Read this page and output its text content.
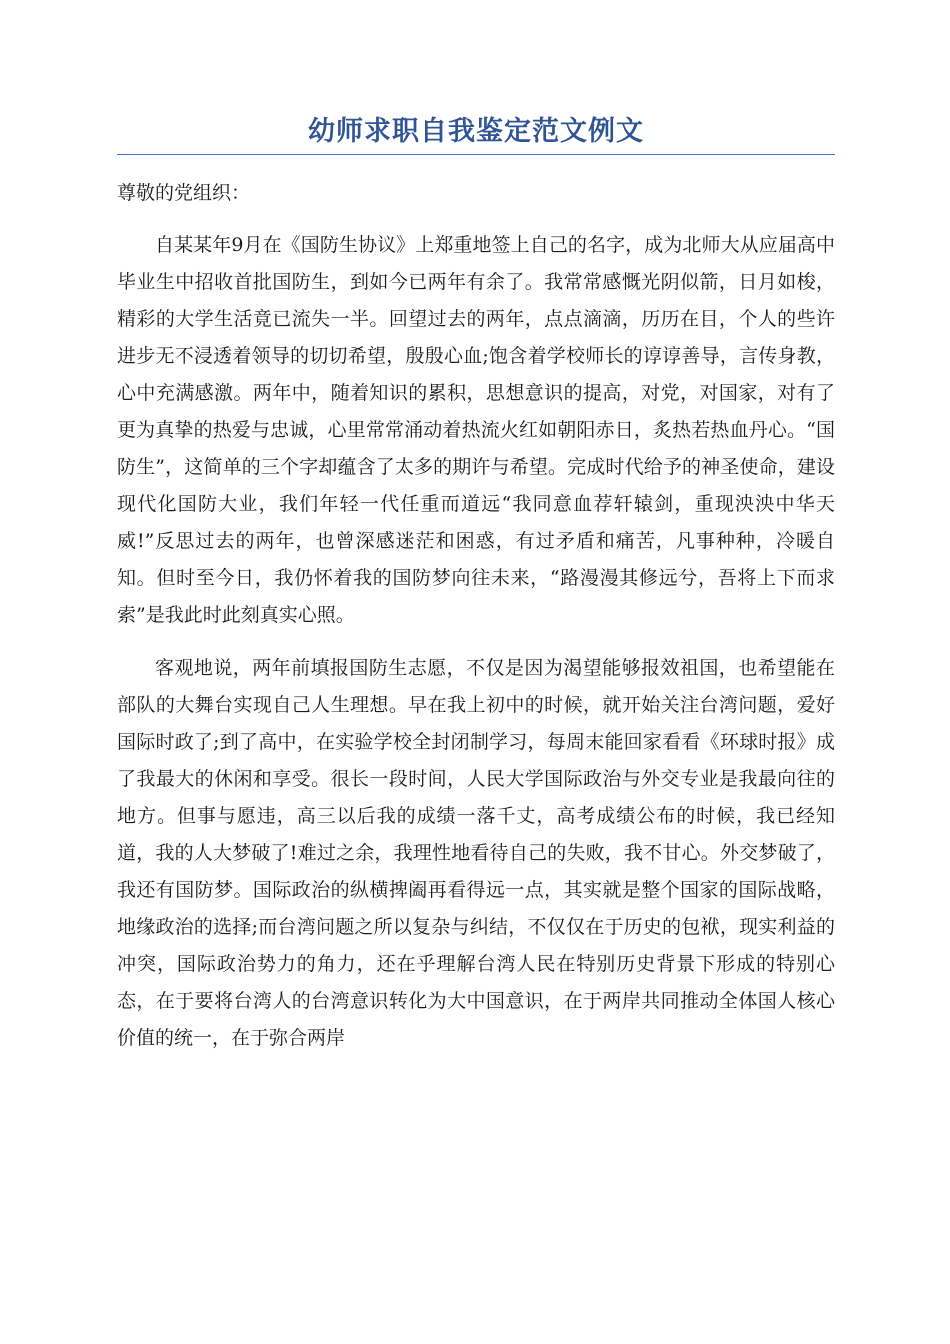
幼师求职自我鉴定范文例文

尊敬的党组织：

自某某年9月在《国防生协议》上郑重地签上自己的名字，成为北师大从应届高中毕业生中招收首批国防生，到如今已两年有余了。我常常感慨光阴似箭，日月如梭，精彩的大学生活竟已流失一半。回望过去的两年，点点滴滴，历历在目，个人的些许进步无不浸透着领导的切切希望，殷殷心血;饱含着学校师长的谆谆善导，言传身教，心中充满感激。两年中，随着知识的累积，思想意识的提高，对党，对国家，对有了更为真挚的热爱与忠诚，心里常常涌动着热流火红如朝阳赤日，炙热若热血丹心。“国防生”，这简单的三个字却蕴含了太多的期许与希望。完成时代给予的神圣使命，建设现代化国防大业，我们年轻一代任重而道远“我同意血荐轩辕剑，重现泱泱中华天威!”反思过去的两年，也曾深感迷茫和困惑，有过矛盾和痛苦，凡事种种，冷暖自知。但时至今日，我仍怀着我的国防梦向往未来，“路漫漫其修远兮，吾将上下而求索”是我此时此刻真实心照。

客观地说，两年前填报国防生志愿，不仅是因为渴望能够报效祖国，也希望能在部队的大舞台实现自己人生理想。早在我上初中的时候，就开始关注台湾问题，爱好国际时政了;到了高中，在实验学校全封闭制学习，每周末能回家看看《环球时报》成了我最大的休闲和享受。很长一段时间，人民大学国际政治与外交专业是我最向往的地方。但事与愿违，高三以后我的成绩一落千丈，高考成绩公布的时候，我已经知道，我的人大梦破了!难过之余，我理性地看待自己的失败，我不甘心。外交梦破了，我还有国防梦。国际政治的纵横捭阖再看得远一点，其实就是整个国家的国际战略，地缘政治的选择;而台湾问题之所以复杂与纠结，不仅仅在于历史的包袱，现实利益的冲突，国际政治势力的角力，还在乎理解台湾人民在特别历史背景下形成的特别心态，在于要将台湾人的台湾意识转化为大中国意识，在于两岸共同推动全体国人核心价值的统一，在于弥合两岸
